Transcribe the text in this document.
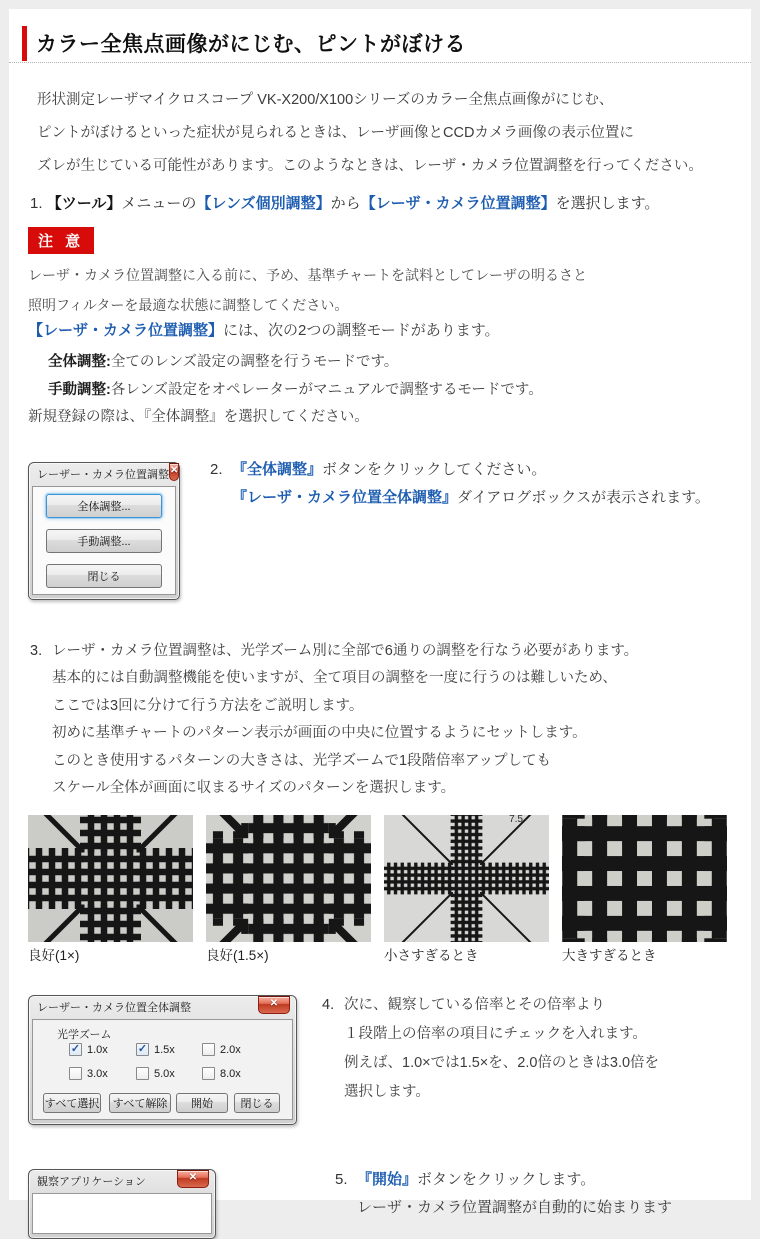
カラー全焦点画像がにじむ、ピントがぼける
形状測定レーザマイクロスコープ VK-X200/X100シリーズのカラー全焦点画像がにじむ、
ピントがぼけるといった症状が見られるときは、レーザ画像とCCDカメラ画像の表示位置に
ズレが生じている可能性があります。このようなときは、レーザ・カメラ位置調整を行ってください。
1. 【ツール】メニューの【レンズ個別調整】から【レーザ・カメラ位置調整】を選択します。
注 意
レーザ・カメラ位置調整に入る前に、予め、基準チャートを試料としてレーザの明るさと
照明フィルターを最適な状態に調整してください。
【レーザ・カメラ位置調整】には、次の2つの調整モードがあります。
全体調整:全てのレンズ設定の調整を行うモードです。
手動調整:各レンズ設定をオペレーターがマニュアルで調整するモードです。
新規登録の際は、『全体調整』を選択してください。
レーザー・カメラ位置調整 ✕
全体調整...
手動調整...
閉じる
2. 『全体調整』ボタンをクリックしてください。
『レーザ・カメラ位置全体調整』ダイアログボックスが表示されます。
3. レーザ・カメラ位置調整は、光学ズーム別に全部で6通りの調整を行なう必要があります。
基本的には自動調整機能を使いますが、全て項目の調整を一度に行うのは難しいため、
ここでは3回に分けて行う方法をご説明します。
初めに基準チャートのパターン表示が画面の中央に位置するようにセットします。
このとき使用するパターンの大きさは、光学ズームで1段階倍率アップしても
スケール全体が画面に収まるサイズのパターンを選択します。
7.5
良好(1×)	良好(1.5×)	小さすぎるとき	大きすぎるとき
レーザー・カメラ位置全体調整	✕
光学ズーム
✓ 1.0x	✓ 1.5x	2.0x
3.0x	5.0x	8.0x
すべて選択	すべて解除	開始	閉じる
4. 次に、観察している倍率とその倍率より
１段階上の倍率の項目にチェックを入れます。
例えば、1.0×では1.5×を、2.0倍のときは3.0倍を
選択します。
観察アプリケーション	✕	5. 『開始』ボタンをクリックします。
レーザ・カメラ位置調整が自動的に始まります
